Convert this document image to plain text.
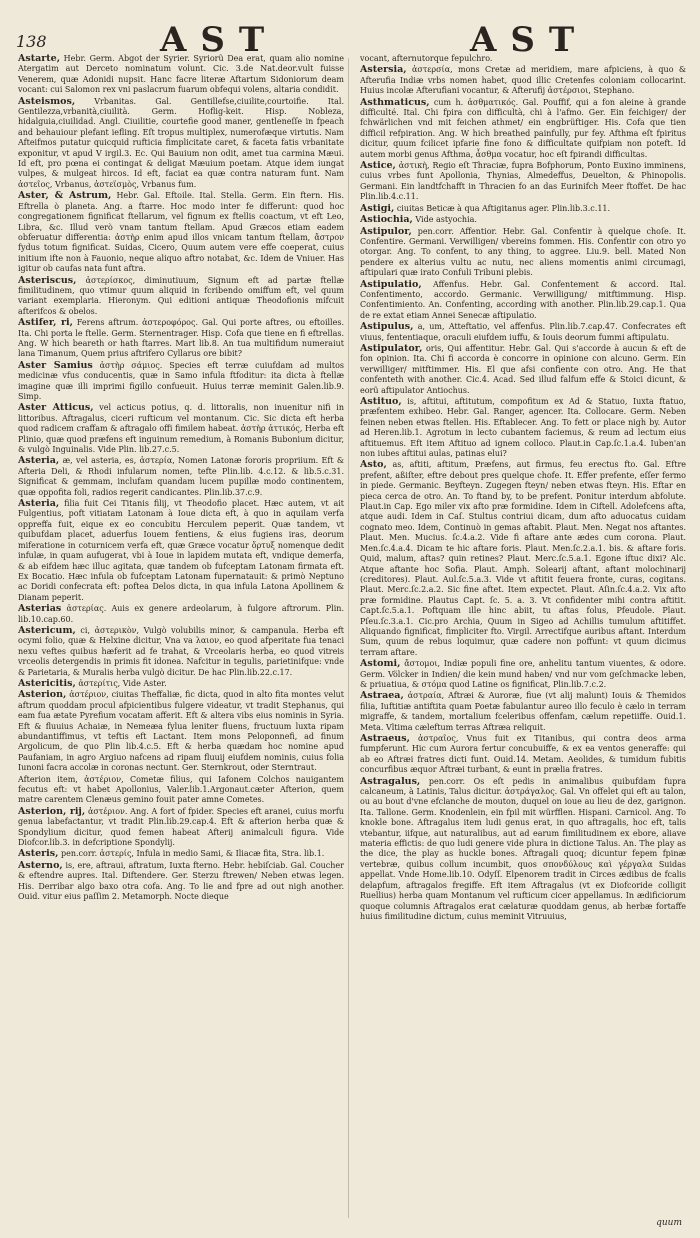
138	AST	AST

Astarte, Hebr. Germ. Abgot der Syrier. Syriorũ Dea erat, quam alio nomine Atergatim aut Derceto nominatum volunt. Cic. 3.de Nat.deor.vult fuisse Venerem, quæ Adonidi nupsit. Hanc facre literæ Aftartum Sidoniorum deam vocant: cui Salomon rex vni paslacrum fuarum obfequi volens, altaria condidit.

Asteismos, Vrbanitas. Gal. Gentillefse,ciuilite,courtoifie. Ital. Gentilezza,vrbanità,ciuilità. Germ. Hoflig-keit. Hisp. Nobleza, hidalguia,ciuilidad. Angl. Ciuilitie, courtefie good maner, gentleneſſe in fpeach and behauiour plefant iefling. Eſt tropus multiplex, numerofæque virtutis. Nam Afteifmos putatur quicquid rufticia fimplicitate caret, & faceta fatis vrbanitate exponitur, vt apud V irgil.3. Ec. Qui Bauium non odit, amet tua carmina Mæui. Id eft, pro pœna ei contingat & deligat Mæuium poetam. Atque idem iungat vulpes, & mulgeat hircos. Id eft, faciat ea quæ contra naturam funt. Nam ἀστεῖος, Vrbanus, ἀστεϊσμὸς, Vrbanus fum.

Aster, & Astrum, Hebr. Gal. Eftoile. Ital. Stella. Germ. Ein ftern. His. Eftrella ò planeta. Ang. a ftarre. Hoc modo inter fe differunt: quod hoc congregationem fignificat ftellarum, vel fignum ex ftellis coactum, vt eft Leo, Libra, &c. Illud verò vnam tantum ftellam. Apud Græcos etiam eadem obferuatur differentia: ἀστὴρ enim apud illos vnicam tantum ftellam, ἄστρον fydus totum fignificat. Suidas, Cicero, Quum autem vere effe coeperat, cuius initium ifte non à Fauonio, neque aliquo aftro notabat, &c. Idem de Vniuer. Has igitur ob caufas nata funt aftra.

Asteriscus, ἀστερίσκος, diminutiuum, Signum eft ad partæ ftellæ fimilitudinem, quo vtimur quum aliquid in fcribendo omiffum eft, vel quum variant exemplaria. Hieronym. Qui editioni antiquæ Theodofionis mifcuit afterifcos & obelos.

Astifer, ri, Ferens aftrum. ἀστεροφόρος. Gal. Qui porte aftres, ou eftoilles. Ita. Chi porta le ftelle. Germ. Sternentrager. Hisp. Cofa que tiene en fi eftrellas. Ang. W hich beareth or hath ftarres. Mart lib.8. An tua multifidum numeraiut lana Timanum, Quem prius aftrifero Cyllarus ore bibit?

Aster Samius ἀστὴρ σάμιος. Species eft terræ cuiufdam ad multos medicinæ vfus conducentis, quæ in Samo infula ftfoditur: ita dicta à ftellæ imagine quæ illi imprimi figillo confueuit. Huius terræ meminit Galen.lib.9. Simp.

Aster Atticus, vel acticus potius, q. d. littoralis, non inuenitur nifi in littoribus. Aftragalus, ciceri rufticum vel montanum. Cic. Sic dicta eft herba quod radicem craffam & aftragalo offi fimilem habeat. ἀστὴρ ἀττικός, Herba eft Plinio, quæ quod præfens eft inguinum remedium, à Romanis Bubonium dicitur, & vulgò Inguinalis. Vide Plin. lib.27.c.5.

Asteria, æ, vel asteria, es, ἀστερία, Nomen Latonæ fororis propriium. Eft & Afteria Deli, & Rhodi infularum nomen, tefte Plin.lib. 4.c.12. & lib.5.c.31. Significat & gemmam, inclufam quandam lucem pupillæ modo continentem, quæ oppofita foli, radios regerit candicantes. Plin.lib.37.c.9.

Asteria, filia fuit Cei Titanis filij, vt Theodofio placet. Hæc autem, vt ait Fulgentius, poft vitiatam Latonam à Ioue dicta eft, à quo in aquilam verfa oppreffa fuit, eique ex eo concubitu Herculem peperit. Quæ tandem, vt quibufdam placet, aduerfus Iouem fentiens, & eius fugiens iras, deorum miferatione in coturnicem verfa eft, quæ Græce vocatur ὄρτυξ nomenque dedit infulæ, in quam aufugerat, vbi à Ioue in lapidem mutata eft, vndique demerfa, & ab eifdem hæc illuc agitata, quæ tandem ob fufceptam Latonam firmata eft. Ex Bocatio. Hæc infula ob fufceptam Latonam fupernatauit: & primò Neptuno ac Doridi confecrata eft: poftea Delos dicta, in qua infula Latona Apollinem & Dianam peperit.

Asterias ἀστερίας. Auis ex genere ardeolarum, à fulgore aftrorum. Plin. lib.10.cap.60.

Astericum, ci, ἀστερικὸν, Vulgò volubilis minor, & campanula. Herba eft ocymi folio, quæ & Helxine dicitur, Vna va λαιον, eo quod afperitate fua tenaci nexu veftes quibus hæferit ad fe trahat, & Vrceolaris herba, eo quod vitreis vrceolis detergendis in primis fit idonea. Nafcitur in tegulis, parietinifque: vnde & Parietaria, & Muralis herba vulgò dicitur. De hac Plin.lib.22.c.17.

Astericitis, ἀστερίτις, Vide Aster.

Asterion, ἀστέριον, ciuitas Theffaliæ, fic dicta, quod in alto fita montes velut aftrum quoddam procul afpicientibus fulgere videatur, vt tradit Stephanus, qui eam fua ætate Pyrefium vocatam afferit. Eft & altera vibs eius nominis in Syria. Eft & fluuius Achaiæ, in Nemeæa fylua leniter fluens, fructuum luxta ripam abundantiffimus, vt teftis eft Lactant. Item mons Peloponnefi, ad finum Argolicum, de quo Plin lib.4.c.5. Eft & herba quædam hoc nomine apud Paufaniam, in agro Argiuo nafcens ad ripam fluuij eiufdem nominis, cuius folia Iunoni facra accolæ in coronas nectunt. Ger. Sternkrout, oder Sterntraut.

Afterion item, ἀστέριον, Cometæ filius, qui Iafonem Colchos nauigantem fecutus eft: vt habet Apollonius, Valer.lib.1.Argonaut.cæter Afterion, quem matre carentem Clenæus gemino fouit pater amne Cometes.

Asterion, rij, ἀστέριον. Ang. A fort of fpider. Species eft aranei, cuius morfu genua labefactantur, vt tradit Plin.lib.29.cap.4. Eft & afterion herba quæ & Spondylium dicitur, quod femen habeat Afterij animalculi figura. Vide Diofcor.lib.3. in defcriptione Spondylij.

Asteris, pen.corr. ἀστερίς, Infula in medio Sami, & Iliacæ fita, Stra. lib.1.

Asterno, is, ere, aftraui, aftratum, Iuxta fterno. Hebr. hebiſciab. Gal. Coucher & eftendre aupres. Ital. Diftendere. Ger. Sterzu ftrewen/ Neben etwas legen. His. Derribar algo baxo otra cofa. Ang. To lie and fpre ad out nigh another. Ouid. vitur eius paſſim 2. Metamorph. Nocte dieque

vocant, afternutorque fepulchro.

Astersia, ἀστερσία, mons Cretæ ad meridiem, mare afpiciens, à quo & Afterufia Indiæ vrbs nomen habet, quod illic Cretenfes coloniam collocarint. Huius incolæ Afterufiani vocantur, & Afterufij ἀστέρσιοι, Stephano.

Asthmaticus, cum h. ἀσθματικός. Gal. Pouffif, qui a fon aleine à grande difficulté. Ital. Chi fpira con difficultà, chi à l'afmo. Ger. Ein feichiger/ der fchwärlichen vnd mit feichen athmet/ ein engbrüftiger. His. Cofa que tien difficil refpiration. Ang. W hich breathed painfully, pur fey. Afthma eſt fpiritus dicitur, quum fcilicet ipfarie fine fono & difficultate quifpiam non poteft. Id autem morbi genus Afthma, ἆσθμα vocatur, hoc eſt fpirandi difficultas.

Astice, ἀστικὴ, Regio eſt Thraciæ, fupra Bofphorum, Ponto Euxino imminens, cuius vrbes funt Apollonia, Thynias, Almedeffus, Deuelton, & Phinopolis. Germani. Ein landtfchafft in Thracien fo an das Eurinifch Meer ftoffet. De hac Plin.lib.4.c.11.

Astigi, ciuitas Beticæ à qua Aftigitanus ager. Plin.lib.3.c.11.

Astiochia, Vide astyochia.

Astipulor, pen.corr. Affentior. Hebr. Gal. Confentir à quelque choſe. It. Confentire. Germani. Verwilligen/ vbereins fommen. His. Confentir con otro yo otorgar. Ang. To confent, to any thing, to aggree. Liu.9. bell. Mated Non pendere ex alterius vultu ac nutu, nec aliens momentis animi circumagi, aftipulari quæ irato Confuli Tribuni plebis.

Astipulatio, Affenfus. Hebr. Gal. Confentement & accord. Ital. Confentimento, accordo. Germanic. Verwilligung/ mitftimmung. Hisp. Confentimiento. An. Confenting, according with another. Plin.lib.29.cap.1. Qua de re extat etiam Annei Senecæ aftipulatio.

Astipulus, a, um, Atteftatio, vel affenfus. Plin.lib.7.cap.47. Confecrates eft viuus, fententiaque, oraculi eiufdem iuffu, & Iouis deorum fummi aftipulatu.

Astipulator, oris, Qui affentitur. Hebr. Gal. Qui s'accorde à aucun & eft de fon opinion. Ita. Chi fi accorda è concorre in opinione con alcuno. Germ. Ein verwilliger/ mitftimmer. His. El que afsi confiente con otro. Ang. He that confenteth with another. Cic.4. Acad. Sed illud falfum effe & Stoici dicunt, & eorũ aftipulator Antiochus.

Astituo, is, aftitui, aftitutum, compofitum ex Ad & Statuo, Iuxta ftatuo, præfentem exhibeo. Hebr. Gal. Ranger, agencer. Ita. Collocare. Germ. Neben feinen neben etwas ftellen. His. Eftablecer. Ang. To fett or place nigh by. Autor ad Heren.lib.1. Agrotum in lecto cubantem faciemus, & reum ad lectum eius aftituemus. Eft item Aftituo ad ignem colloco. Plaut.in Cap.ſc.1.a.4. Iuben'an non iubes aftitui aulas, patinas elui?

Asto, as, aftiti, aftitum, Præfens, aut firmus, feu erectus fto. Gal. Eftre prefent, aßiſter, eftre debout pres quelque chofe. It. Effer prefente, eſſer fermo in piede. Germanic. Beyfteyn. Zugegen fteyn/ neben etwas fteyn. His. Eftar en pieca cerca de otro. An. To ftand by, to be prefent. Ponitur interdum abfolute. Plaut.in Cap. Ego miler vix afto præ formidine. Idem in Ciftell. Adolefcens afta, atque audi. Idem in Caſ. Stultus contriui dicam, dum afto aduocatus cuidam cognato meo. Idem, Continuò in gemas aftabit. Plaut. Men. Negat nos aftantes. Plaut. Men. Mucius. ſc.4.a.2. Vide fi aftare ante ædes cum corona. Plaut. Men.ſc.4.a.4. Dicam te hic aftare foris. Plaut. Men.ſc.2.a.1. bis. & aftare foris. Quid, malum, aftas? quin retines? Plaut. Merc.ſc.5.a.1. Egone iftuc dixi? Alc. Atque aftante hoc Sofia. Plaut. Amph. Solearij aftant, aftant molochinarij (creditores). Plaut. Aul.ſc.5.a.3. Vide vt aftitit feuera fronte, curas, cogitans. Plaut. Merc.ſc.2.a.2. Sic fine aftet. Item expectet. Plaut. Aſin.ſc.4.a.2. Vix afto præ formidine. Plautus Capt. ſc. 5. a. 3. Vt confidenter mihi contra aftitit. Capt.ſc.5.a.1. Poftquam ille hinc abiit, tu aftas folus, Pfeudole. Plaut. Pſeu.ſc.3.a.1. Cic.pro Archia, Quum in Sigeo ad Achillis tumulum aftitiffet. Aliquando fignificat, fimpliciter fto. Virgil. Arrectifque auribus aftant. Interdum Sum, quum de rebus loquimur, quæ cadere non poffunt: vt quum dicimus terram aftare.

Astomi, ἄστομοι, Indiæ populi fine ore, anhelitu tantum viuentes, & odore. Germ. Völcker in Indien/ die kein mund haben/ vnd nur vom geſchmacke leben, & priuatiua, & στόμα quod Latine os fignificat, Plin.lib.7.c.2.

Astraea, ἀστραία, Aftræi & Auroræ, fiue (vt alij malunt) Iouis & Themidos filia, Iuftitiæ antiftita quam Poetæ fabulantur aureo illo feculo è cælo in terram migraffe, & tandem, mortalium fceleribus offenfam, cælum repetiiffe. Ouid.1. Meta. Vltima cæleftum terras Aftræa reliquit.

Astraeus, ἀστραῖος, Vnus fuit ex Titanibus, qui contra deos arma fumpferunt. Hic cum Aurora fertur concubuiffe, & ex ea ventos generaffe: qui ab eo Aftræi fratres dicti funt. Ouid.14. Metam. Aeolides, & tumidum fubitis concurfibus æquor Aftræi turbant, & eunt in prælia fratres.

Astragalus, pen.corr. Os eſt pedis in animalibus quibufdam fupra calcaneum, à Latinis, Talus dicitur. ἀστράγαλος. Gal. Vn offelet qui eft au talon, ou au bout d'vne efclanche de mouton, duquel on ioue au lieu de dez, garignon. Ita. Tallone. Germ. Knodenlein, ein fpil mit würfflen. Hispani. Carnicol. Ang. To knokle bone. Aftragalus item ludi genus erat, in quo aftragalis, hoc eft, talis vtebantur, iifque, aut naturalibus, aut ad earum fimilitudinem ex ebore, aliave materia effictis: de quo ludi genere vide plura in dictione Talus. An. The play as the dice, the play as huckle bones. Aftragali quoq; dicuntur fepem fpinæ vertebræ, quibus collum incumbit, quos σπονδύλους καὶ γέργαλα Suidas appellat. Vnde Home.lib.10. Odyſſ. Elpenorem tradit in Circes ædibus de fcalis delapfum, aftragalos fregiffe. Eft item Aftragalus (vt ex Diofcoride colligit Ruellius) herba quam Montanum vel rufticum cicer appellamus. In ædificiorum quoque columnis Aftragalos erat cælaturæ quoddam genus, ab herbæ fortaffe huius fimilitudine dictum, cuius meminit Vitruuius,

quum
